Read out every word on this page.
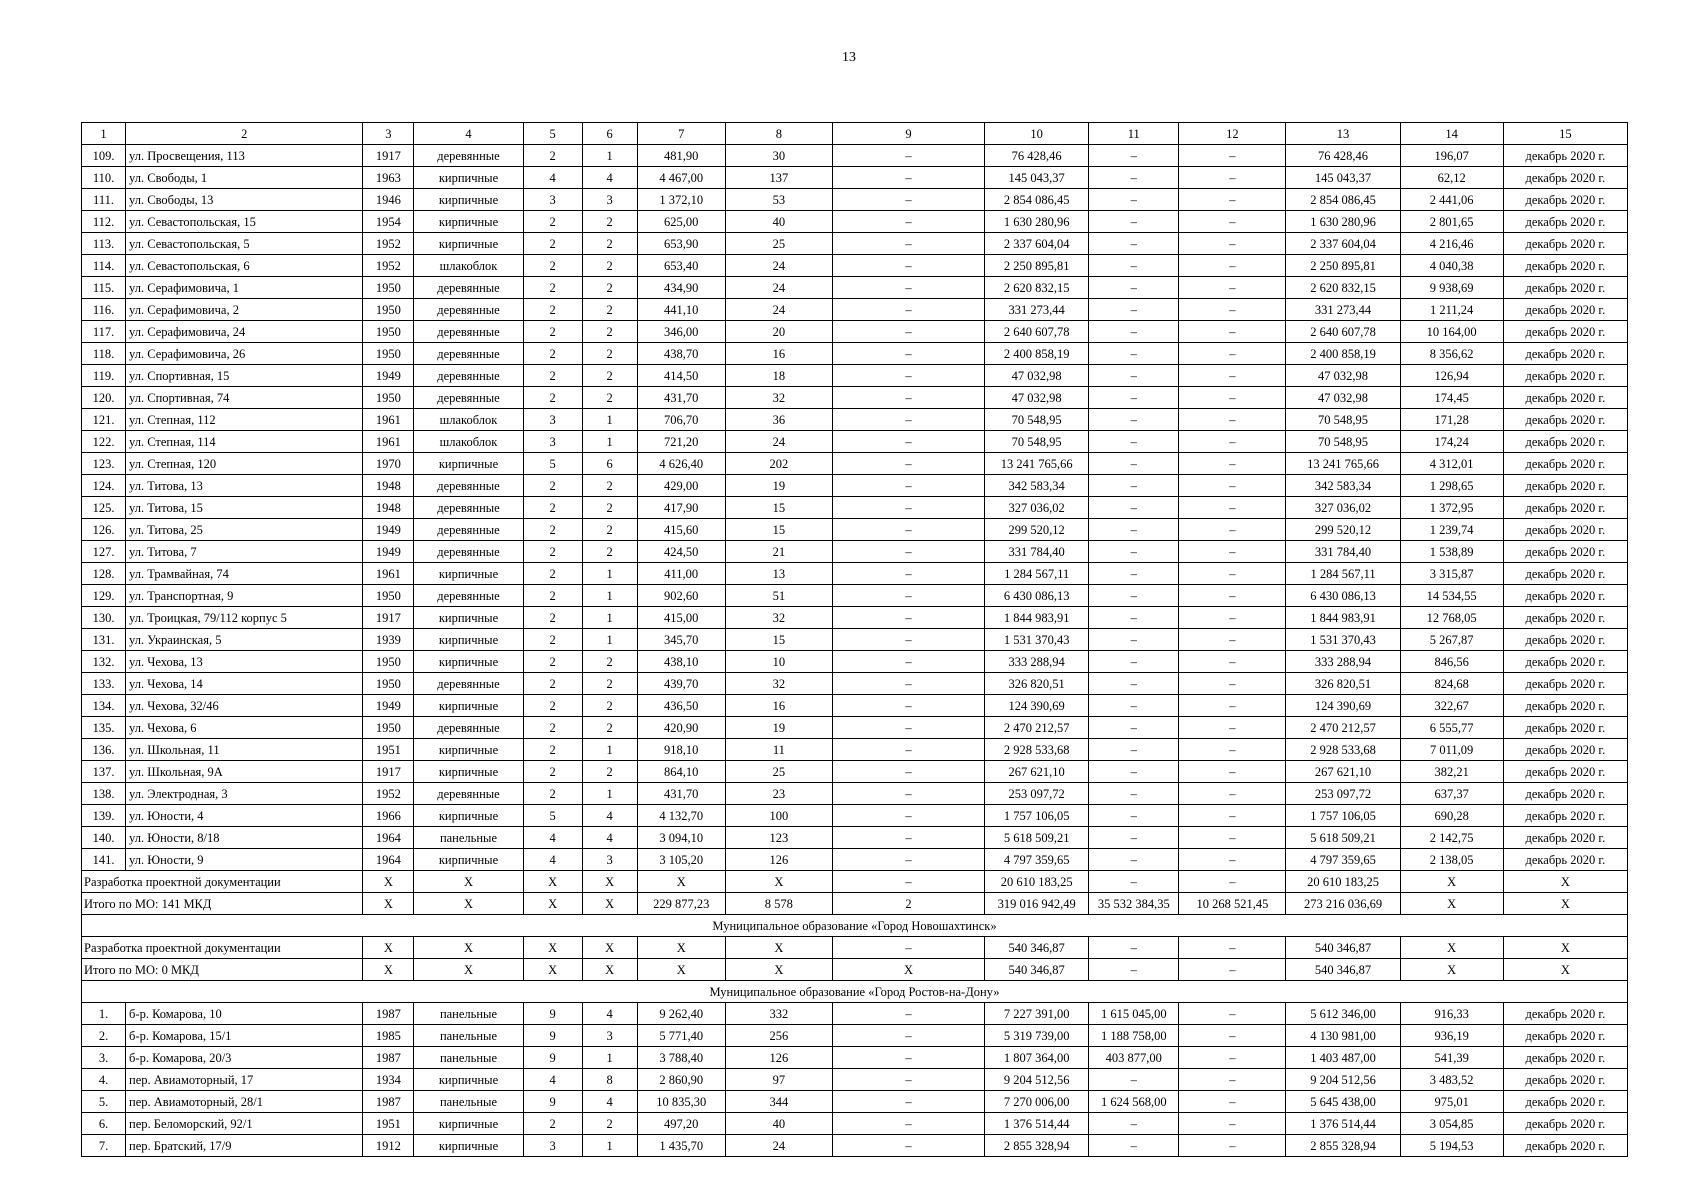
13
1	2	3	4	5	6	7	8	9	10	11	12	13	14	15
109.	ул. Просвещения, 113	1917	деревянные	2	1	481,90	30	–	76 428,46	–	–	76 428,46	196,07	декабрь 2020 г.
110.	ул. Свободы, 1	1963	кирпичные	4	4	4 467,00	137	–	145 043,37	–	–	145 043,37	62,12	декабрь 2020 г.
111.	ул. Свободы, 13	1946	кирпичные	3	3	1 372,10	53	–	2 854 086,45	–	–	2 854 086,45	2 441,06	декабрь 2020 г.
112.	ул. Севастопольская, 15	1954	кирпичные	2	2	625,00	40	–	1 630 280,96	–	–	1 630 280,96	2 801,65	декабрь 2020 г.
113.	ул. Севастопольская, 5	1952	кирпичные	2	2	653,90	25	–	2 337 604,04	–	–	2 337 604,04	4 216,46	декабрь 2020 г.
114.	ул. Севастопольская, 6	1952	шлакоблок	2	2	653,40	24	–	2 250 895,81	–	–	2 250 895,81	4 040,38	декабрь 2020 г.
115.	ул. Серафимовича, 1	1950	деревянные	2	2	434,90	24	–	2 620 832,15	–	–	2 620 832,15	9 938,69	декабрь 2020 г.
116.	ул. Серафимовича, 2	1950	деревянные	2	2	441,10	24	–	331 273,44	–	–	331 273,44	1 211,24	декабрь 2020 г.
117.	ул. Серафимовича, 24	1950	деревянные	2	2	346,00	20	–	2 640 607,78	–	–	2 640 607,78	10 164,00	декабрь 2020 г.
118.	ул. Серафимовича, 26	1950	деревянные	2	2	438,70	16	–	2 400 858,19	–	–	2 400 858,19	8 356,62	декабрь 2020 г.
119.	ул. Спортивная, 15	1949	деревянные	2	2	414,50	18	–	47 032,98	–	–	47 032,98	126,94	декабрь 2020 г.
120.	ул. Спортивная, 74	1950	деревянные	2	2	431,70	32	–	47 032,98	–	–	47 032,98	174,45	декабрь 2020 г.
121.	ул. Степная, 112	1961	шлакоблок	3	1	706,70	36	–	70 548,95	–	–	70 548,95	171,28	декабрь 2020 г.
122.	ул. Степная, 114	1961	шлакоблок	3	1	721,20	24	–	70 548,95	–	–	70 548,95	174,24	декабрь 2020 г.
123.	ул. Степная, 120	1970	кирпичные	5	6	4 626,40	202	–	13 241 765,66	–	–	13 241 765,66	4 312,01	декабрь 2020 г.
124.	ул. Титова, 13	1948	деревянные	2	2	429,00	19	–	342 583,34	–	–	342 583,34	1 298,65	декабрь 2020 г.
125.	ул. Титова, 15	1948	деревянные	2	2	417,90	15	–	327 036,02	–	–	327 036,02	1 372,95	декабрь 2020 г.
126.	ул. Титова, 25	1949	деревянные	2	2	415,60	15	–	299 520,12	–	–	299 520,12	1 239,74	декабрь 2020 г.
127.	ул. Титова, 7	1949	деревянные	2	2	424,50	21	–	331 784,40	–	–	331 784,40	1 538,89	декабрь 2020 г.
128.	ул. Трамвайная, 74	1961	кирпичные	2	1	411,00	13	–	1 284 567,11	–	–	1 284 567,11	3 315,87	декабрь 2020 г.
129.	ул. Транспортная, 9	1950	деревянные	2	1	902,60	51	–	6 430 086,13	–	–	6 430 086,13	14 534,55	декабрь 2020 г.
130.	ул. Троицкая, 79/112 корпус 5	1917	кирпичные	2	1	415,00	32	–	1 844 983,91	–	–	1 844 983,91	12 768,05	декабрь 2020 г.
131.	ул. Украинская, 5	1939	кирпичные	2	1	345,70	15	–	1 531 370,43	–	–	1 531 370,43	5 267,87	декабрь 2020 г.
132.	ул. Чехова, 13	1950	кирпичные	2	2	438,10	10	–	333 288,94	–	–	333 288,94	846,56	декабрь 2020 г.
133.	ул. Чехова, 14	1950	деревянные	2	2	439,70	32	–	326 820,51	–	–	326 820,51	824,68	декабрь 2020 г.
134.	ул. Чехова, 32/46	1949	кирпичные	2	2	436,50	16	–	124 390,69	–	–	124 390,69	322,67	декабрь 2020 г.
135.	ул. Чехова, 6	1950	деревянные	2	2	420,90	19	–	2 470 212,57	–	–	2 470 212,57	6 555,77	декабрь 2020 г.
136.	ул. Школьная, 11	1951	кирпичные	2	1	918,10	11	–	2 928 533,68	–	–	2 928 533,68	7 011,09	декабрь 2020 г.
137.	ул. Школьная, 9А	1917	кирпичные	2	2	864,10	25	–	267 621,10	–	–	267 621,10	382,21	декабрь 2020 г.
138.	ул. Электродная, 3	1952	деревянные	2	1	431,70	23	–	253 097,72	–	–	253 097,72	637,37	декабрь 2020 г.
139.	ул. Юности, 4	1966	кирпичные	5	4	4 132,70	100	–	1 757 106,05	–	–	1 757 106,05	690,28	декабрь 2020 г.
140.	ул. Юности, 8/18	1964	панельные	4	4	3 094,10	123	–	5 618 509,21	–	–	5 618 509,21	2 142,75	декабрь 2020 г.
141.	ул. Юности, 9	1964	кирпичные	4	3	3 105,20	126	–	4 797 359,65	–	–	4 797 359,65	2 138,05	декабрь 2020 г.
Разработка проектной документации		X	X	X	X	X	X	–	20 610 183,25	–	–	20 610 183,25	X	X
Итого по МО: 141 МКД		X	X	X	X	229 877,23	8 578	2	319 016 942,49	35 532 384,35	10 268 521,45	273 216 036,69	X	X
Муниципальное образование «Город Новошахтинск»														
Разработка проектной документации		X	X	X	X	X	X	–	540 346,87	–	–	540 346,87	X	X
Итого по МО: 0 МКД		X	X	X	X	X	X	X	540 346,87	–	–	540 346,87	X	X
Муниципальное образование «Город Ростов-на-Дону»														
1.	б-р. Комарова, 10	1987	панельные	9	4	9 262,40	332	–	7 227 391,00	1 615 045,00	–	5 612 346,00	916,33	декабрь 2020 г.
2.	б-р. Комарова, 15/1	1985	панельные	9	3	5 771,40	256	–	5 319 739,00	1 188 758,00	–	4 130 981,00	936,19	декабрь 2020 г.
3.	б-р. Комарова, 20/3	1987	панельные	9	1	3 788,40	126	–	1 807 364,00	403 877,00	–	1 403 487,00	541,39	декабрь 2020 г.
4.	пер. Авиамоторный, 17	1934	кирпичные	4	8	2 860,90	97	–	9 204 512,56	–	–	9 204 512,56	3 483,52	декабрь 2020 г.
5.	пер. Авиамоторный, 28/1	1987	панельные	9	4	10 835,30	344	–	7 270 006,00	1 624 568,00	–	5 645 438,00	975,01	декабрь 2020 г.
6.	пер. Беломорский, 92/1	1951	кирпичные	2	2	497,20	40	–	1 376 514,44	–	–	1 376 514,44	3 054,85	декабрь 2020 г.
7.	пер. Братский, 17/9	1912	кирпичные	3	1	1 435,70	24	–	2 855 328,94	–	–	2 855 328,94	5 194,53	декабрь 2020 г.
